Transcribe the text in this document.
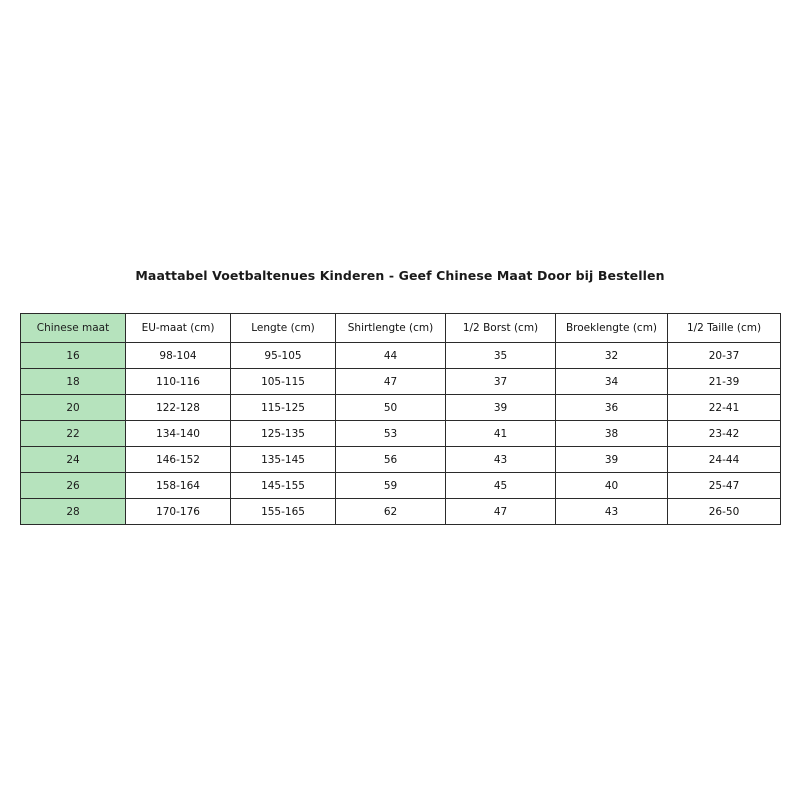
Maattabel Voetbaltenues Kinderen - Geef Chinese Maat Door bij Bestellen
Chinese maat	EU-maat (cm)	Lengte (cm)	Shirtlengte (cm)	1/2 Borst (cm)	Broeklengte (cm)	1/2 Taille (cm)
16	98-104	95-105	44	35	32	20-37
18	110-116	105-115	47	37	34	21-39
20	122-128	115-125	50	39	36	22-41
22	134-140	125-135	53	41	38	23-42
24	146-152	135-145	56	43	39	24-44
26	158-164	145-155	59	45	40	25-47
28	170-176	155-165	62	47	43	26-50
